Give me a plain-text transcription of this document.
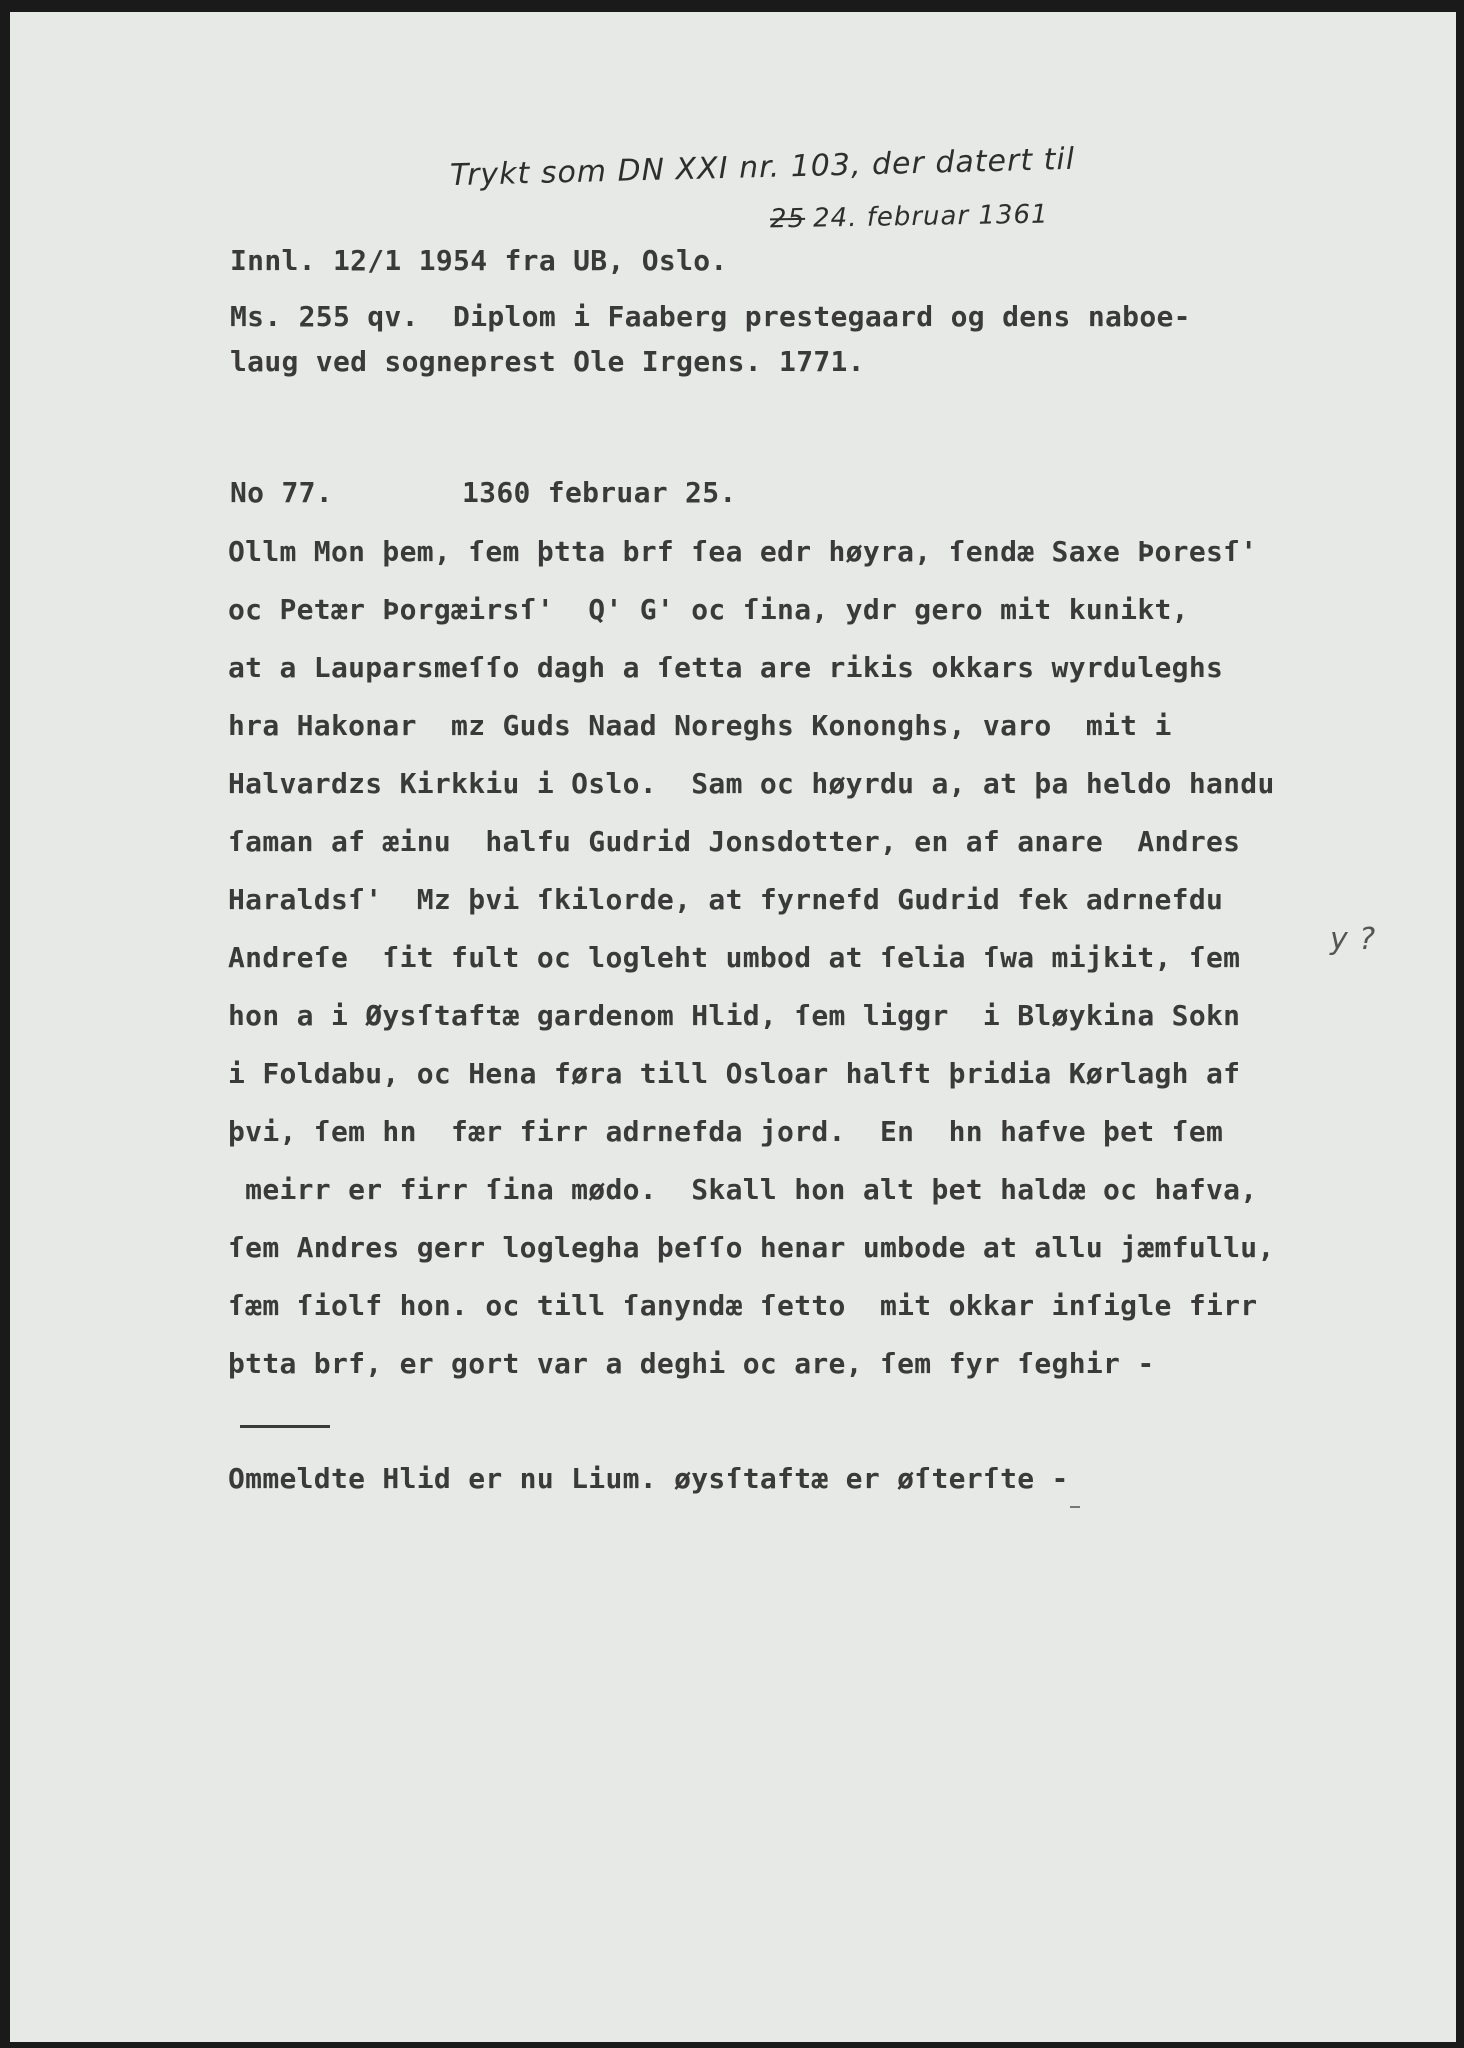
Trykt som DN XXI nr. 103, der datert til
25 24. februar 1361
Innl. 12/1 1954 fra UB, Oslo.
Ms. 255 qv.  Diplom i Faaberg prestegaard og dens naboe-
laug ved sogneprest Ole Irgens. 1771.
No 77.	1360 februar 25.
Ollm Mon þem, ſem þtta brf ſea edr høyra, ſendæ Saxe Þoresſ'
oc Petær Þorgæirsſ'  Q' G' oc ſina, ydr gero mit kunikt,
at a Lauparsmeſſo dagh a ſetta are rikis okkars wyrduleghs
hra Hakonar  mz Guds Naad Noreghs Kononghs, varo  mit i
Halvardzs Kirkkiu i Oslo.  Sam oc høyrdu a, at þa heldo handu
ſaman af æinu  halfu Gudrid Jonsdotter, en af anare  Andres
Haraldsſ'  Mz þvi ſkilorde, at fyrnefd Gudrid fek adrnefdu
Andreſe  ſit fult oc logleht umbod at ſelia ſwa mijkit, ſem
hon a i Øysſtaftæ gardenom Hlid, ſem liggr  i Bløykina Sokn
i Foldabu, oc Hena føra till Osloar halft þridia Kørlagh af
þvi, ſem hn  fær firr adrnefda jord.  En  hn hafve þet ſem
meirr er firr ſina mødo.  Skall hon alt þet haldæ oc hafva,
ſem Andres gerr loglegha þeſſo henar umbode at allu jæmfullu,
ſæm ſiolf hon. oc till ſanyndæ ſetto  mit okkar inſigle firr
þtta brf, er gort var a deghi oc are, ſem fyr ſeghir -
Ommeldte Hlid er nu Lium. øysſtaftæ er øſterſte -
y ?
